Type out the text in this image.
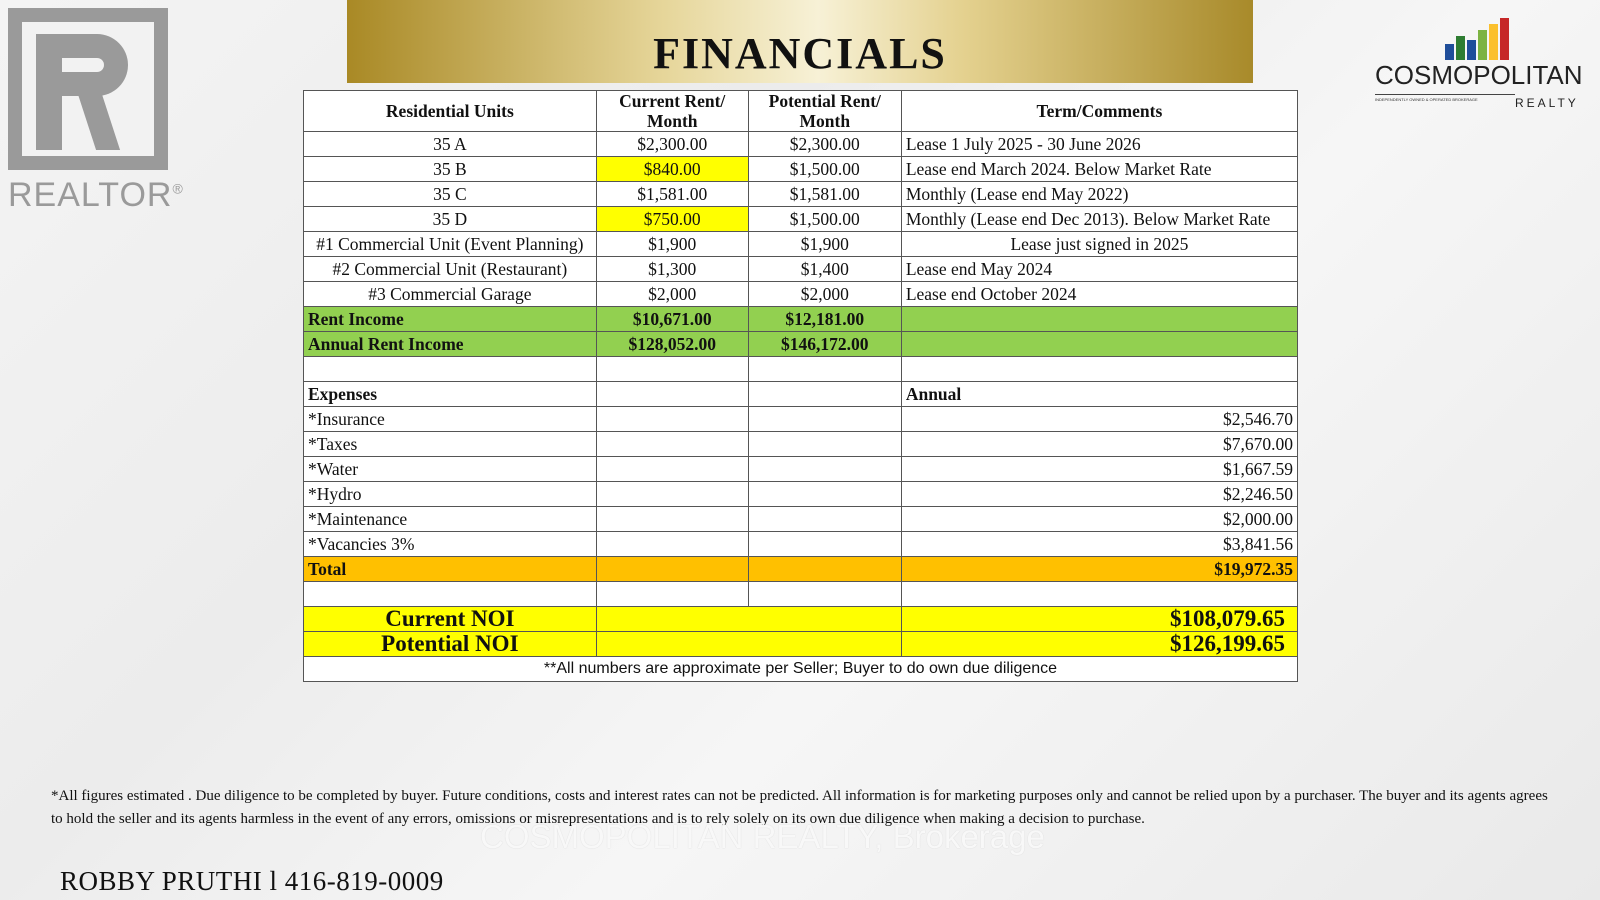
REALTOR®
FINANCIALS	COSMOPOLITAN
INDEPENDENTLY OWNED & OPERATED BROKERAGE	REALTY
Residential Units	Current Rent/ Month	Potential Rent/ Month	Term/Comments
35 A	$2,300.00	$2,300.00	Lease 1 July 2025 - 30 June 2026
35 B	$840.00	$1,500.00	Lease end March 2024. Below Market Rate
35 C	$1,581.00	$1,581.00	Monthly (Lease end May 2022)
35 D	$750.00	$1,500.00	Monthly (Lease end Dec 2013). Below Market Rate
#1 Commercial Unit (Event Planning)	$1,900	$1,900	Lease just signed in 2025
#2 Commercial Unit (Restaurant)	$1,300	$1,400	Lease end May 2024
#3 Commercial Garage	$2,000	$2,000	Lease end October 2024
Rent Income	$10,671.00	$12,181.00	
Annual Rent Income	$128,052.00	$146,172.00	

Expenses			Annual
*Insurance			$2,546.70
*Taxes			$7,670.00
*Water			$1,667.59
*Hydro			$2,246.50
*Maintenance			$2,000.00
*Vacancies 3%			$3,841.56
Total			$19,972.35

Current NOI			$108,079.65
Potential NOI			$126,199.65
**All numbers are approximate per Seller; Buyer to do own due diligence			
*All figures estimated . Due diligence to be completed by buyer. Future conditions, costs and interest rates can not be predicted. All information is for marketing purposes only and cannot be relied upon by a purchaser. The buyer and its agents agrees to hold the seller and its agents harmless in the event of any errors, omissions or misrepresentations and is to rely solely on its own due diligence when making a decision to purchase.
COSMOPOLITAN REALTY, Brokerage
ROBBY PRUTHI l 416-819-0009
